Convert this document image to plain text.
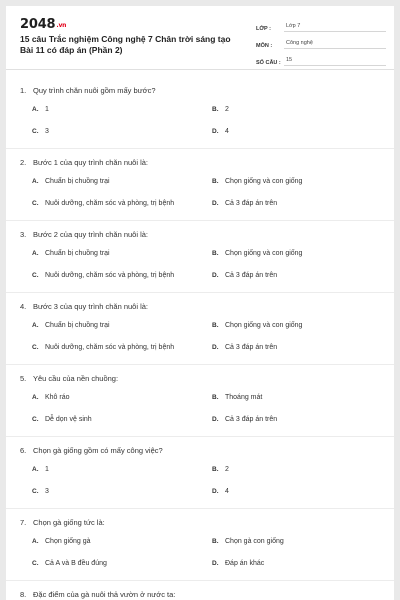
2048.vn
15 câu Trắc nghiệm Công nghệ 7 Chân trời sáng tạo Bài 11 có đáp án (Phần 2)
LỚP :	Lớp 7
MÔN :	Công nghệ
SỐ CÂU : 15
1. Quy trình chăn nuôi gồm mấy bước?
A. 1	B. 2
C. 3	D. 4
2. Bước 1 của quy trình chăn nuôi là:
A. Chuẩn bị chuồng trại	B. Chọn giống và con giống
C. Nuôi dưỡng, chăm sóc và phòng, trị bệnh	D. Cả 3 đáp án trên
3. Bước 2 của quy trình chăn nuôi là:
A. Chuẩn bị chuồng trại	B. Chọn giống và con giống
C. Nuôi dưỡng, chăm sóc và phòng, trị bệnh	D. Cả 3 đáp án trên
4. Bước 3 của quy trình chăn nuôi là:
A. Chuẩn bị chuồng trại	B. Chọn giống và con giống
C. Nuôi dưỡng, chăm sóc và phòng, trị bệnh	D. Cả 3 đáp án trên
5. Yêu cầu của nền chuồng:
A. Khô ráo	B. Thoáng mát
C. Dễ dọn vệ sinh	D. Cả 3 đáp án trên
6. Chọn gà giống gồm có mấy công việc?
A. 1	B. 2
C. 3	D. 4
7. Chọn gà giống tức là:
A. Chọn giống gà	B. Chọn gà con giống
C. Cả A và B đều đúng	D. Đáp án khác
8. Đặc điểm của gà nuôi thả vườn ở nước ta:
